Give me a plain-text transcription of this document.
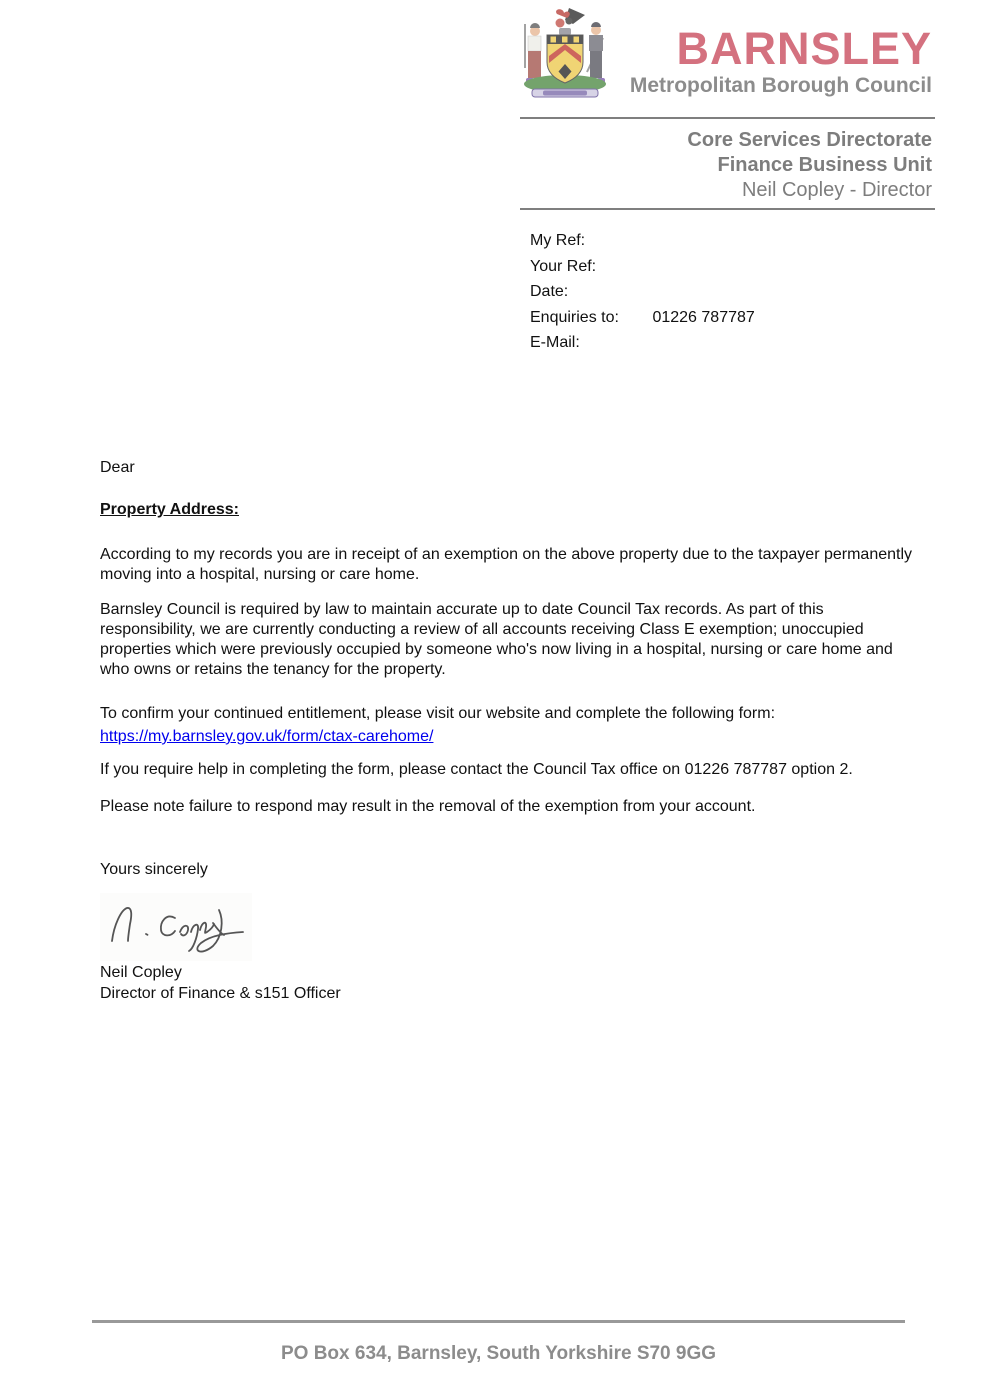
BARNSLEY
Metropolitan Borough Council
Core Services Directorate
Finance Business Unit
Neil Copley - Director
My Ref:
Your Ref:
Date:
Enquiries to: 01226 787787
E-Mail:
Dear
Property Address:
According to my records you are in receipt of an exemption on the above property due to the taxpayer permanently moving into a hospital, nursing or care home.
Barnsley Council is required by law to maintain accurate up to date Council Tax records. As part of this responsibility, we are currently conducting a review of all accounts receiving Class E exemption; unoccupied properties which were previously occupied by someone who's now living in a hospital, nursing or care home and who owns or retains the tenancy for the property.
To confirm your continued entitlement, please visit our website and complete the following form:
https://my.barnsley.gov.uk/form/ctax-carehome/
If you require help in completing the form, please contact the Council Tax office on 01226 787787 option 2.
Please note failure to respond may result in the removal of the exemption from your account.
Yours sincerely
Neil Copley
Director of Finance & s151 Officer
PO Box 634, Barnsley, South Yorkshire S70 9GG
